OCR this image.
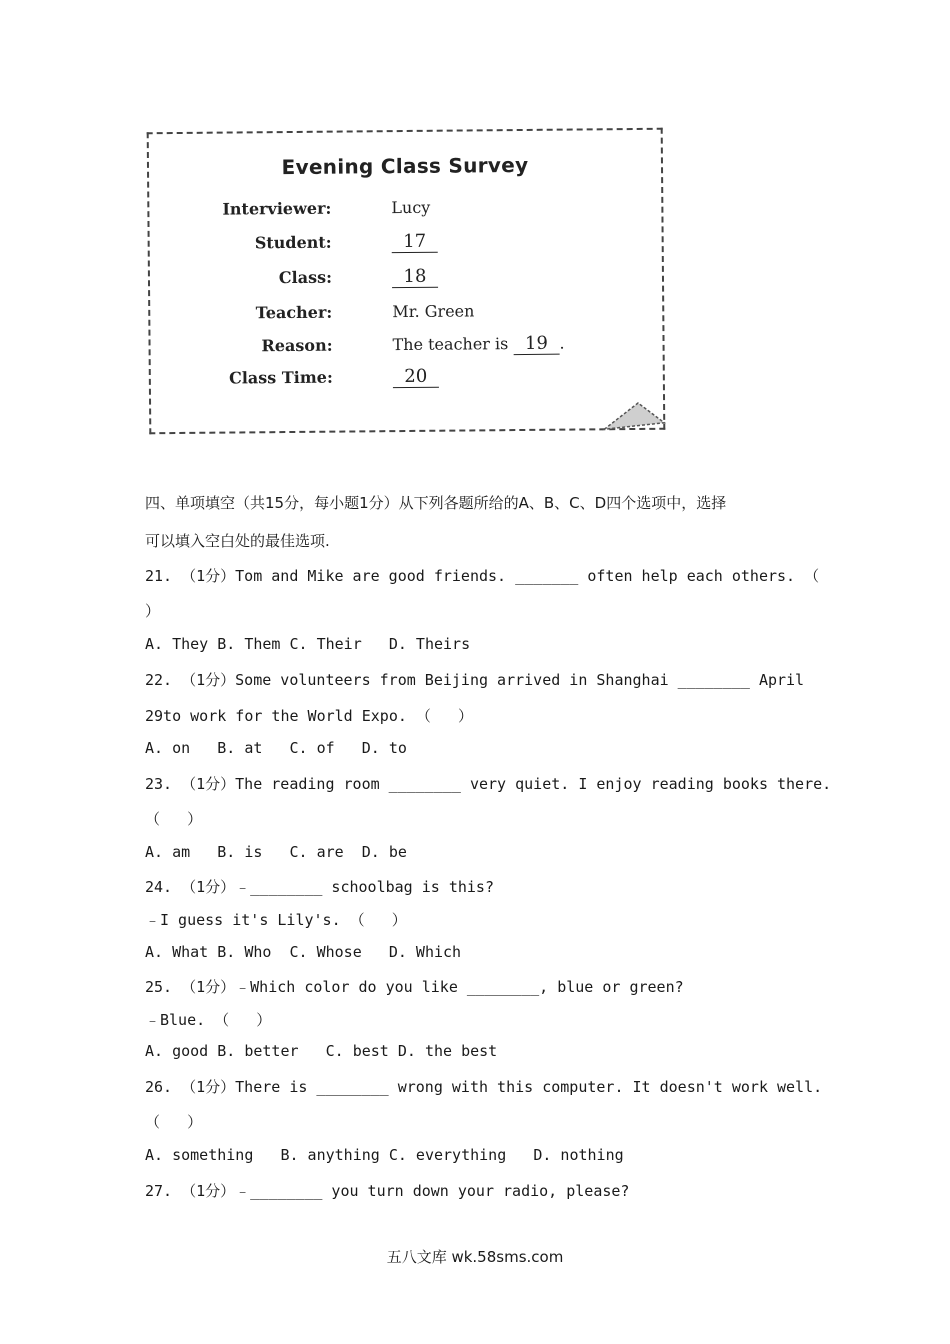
Evening Class Survey
Interviewer:	Lucy
Student:	17
Class:	18
Teacher:	Mr. Green
Reason:	The teacher is 19 .
Class Time:	20
四、单项填空（共15分，每小题1分）从下列各题所给的A、B、C、D四个选项中，选择
可以填入空白处的最佳选项.
21. （1分）Tom and Mike are good friends. _______ often help each others. （
）
A. They B. Them C. Their   D. Theirs
22. （1分）Some volunteers from Beijing arrived in Shanghai ________ April
29to work for the World Expo. （   ）
A. on   B. at   C. of   D. to
23. （1分）The reading room ________ very quiet. I enjoy reading books there.
（   ）
A. am   B. is   C. are  D. be
24. （1分）﹣________ schoolbag is this?
﹣I guess it's Lily's. （   ）
A. What B. Who  C. Whose   D. Which
25. （1分）﹣Which color do you like ________, blue or green?
﹣Blue. （   ）
A. good B. better   C. best D. the best
26. （1分）There is ________ wrong with this computer. It doesn't work well.
（   ）
A. something   B. anything C. everything   D. nothing
27. （1分）﹣________ you turn down your radio, please?
五八文库 wk.58sms.com
